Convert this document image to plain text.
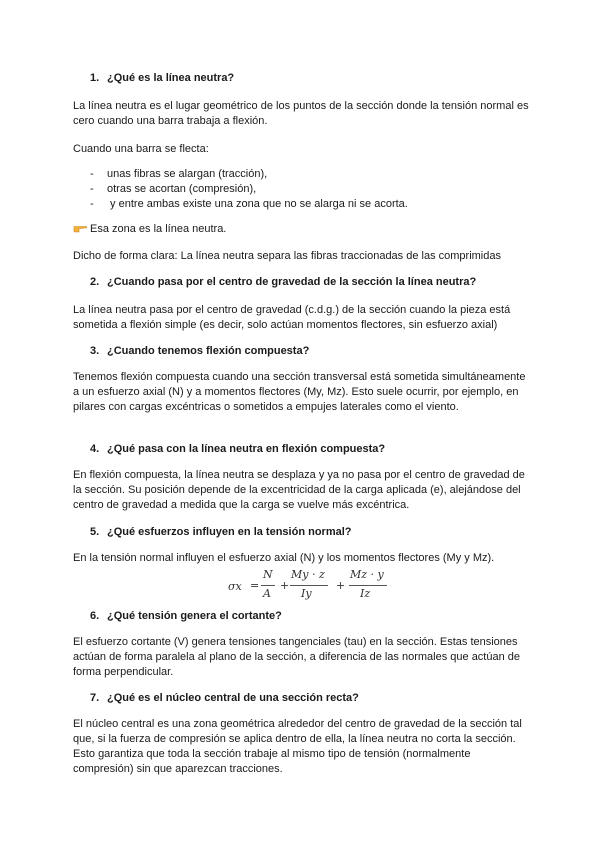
1. ¿Qué es la línea neutra?
La línea neutra es el lugar geométrico de los puntos de la sección donde la tensión normal es cero cuando una barra trabaja a flexión.
Cuando una barra se flecta:
- unas fibras se alargan (tracción),
- otras se acortan (compresión),
- y entre ambas existe una zona que no se alarga ni se acorta.
Esa zona es la línea neutra.
Dicho de forma clara: La línea neutra separa las fibras traccionadas de las comprimidas
2. ¿Cuando pasa por el centro de gravedad de la sección la línea neutra?
La línea neutra pasa por el centro de gravedad (c.d.g.) de la sección cuando la pieza está sometida a flexión simple (es decir, solo actúan momentos flectores, sin esfuerzo axial)
3. ¿Cuando tenemos flexión compuesta?
Tenemos flexión compuesta cuando una sección transversal está sometida simultáneamente a un esfuerzo axial (N) y a momentos flectores (My, Mz). Esto suele ocurrir, por ejemplo, en pilares con cargas excéntricas o sometidos a empujes laterales como el viento.
4. ¿Qué pasa con la línea neutra en flexión compuesta?
En flexión compuesta, la línea neutra se desplaza y ya no pasa por el centro de gravedad de la sección. Su posición depende de la excentricidad de la carga aplicada (e), alejándose del centro de gravedad a medida que la carga se vuelve más excéntrica.
5. ¿Qué esfuerzos influyen en la tensión normal?
En la tensión normal influyen el esfuerzo axial (N) y los momentos flectores (My y Mz).
σx =
N
A
+
My · z
Iy
+
Mz · y
Iz
6. ¿Qué tensión genera el cortante?
El esfuerzo cortante (V) genera tensiones tangenciales (tau) en la sección. Estas tensiones actúan de forma paralela al plano de la sección, a diferencia de las normales que actúan de forma perpendicular.
7. ¿Qué es el núcleo central de una sección recta?
El núcleo central es una zona geométrica alrededor del centro de gravedad de la sección tal que, si la fuerza de compresión se aplica dentro de ella, la línea neutra no corta la sección. Esto garantiza que toda la sección trabaje al mismo tipo de tensión (normalmente compresión) sin que aparezcan tracciones.
